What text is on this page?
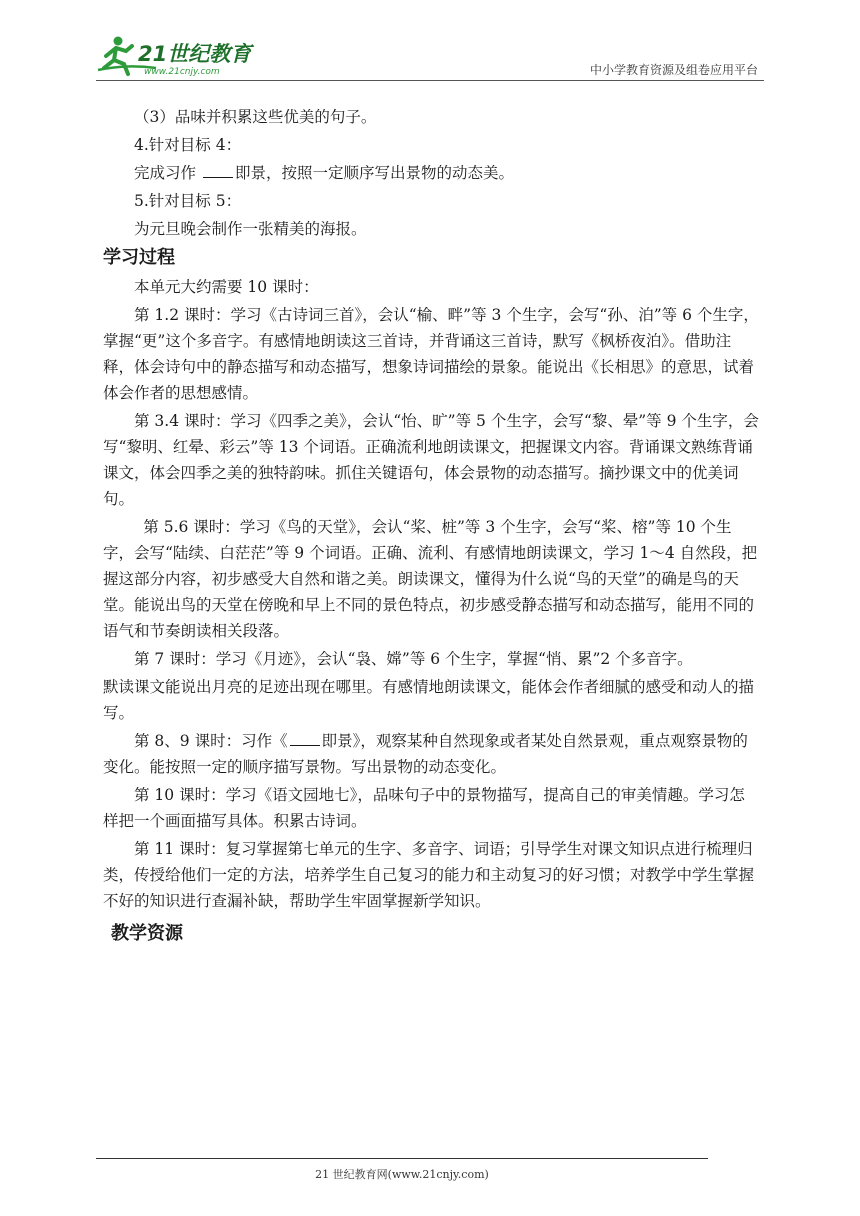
21世纪教育
www.21cnjy.com	中小学教育资源及组卷应用平台

（3）品味并积累这些优美的句子。

4.针对目标 4：

完成习作	即景，按照一定顺序写出景物的动态美。

5.针对目标 5：

为元旦晚会制作一张精美的海报。

学习过程

本单元大约需要 10 课时：

第 1.2 课时：学习《古诗词三首》，会认“榆、畔”等 3 个生字，会写“孙、泊”等 6 个生字，掌握“更”这个多音字。有感情地朗读这三首诗，并背诵这三首诗，默写《枫桥夜泊》。借助注释，体会诗句中的静态描写和动态描写，想象诗词描绘的景象。能说出《长相思》的意思，试着体会作者的思想感情。

第 3.4 课时：学习《四季之美》，会认“怡、旷”等 5 个生字，会写“黎、晕”等 9 个生字，会写“黎明、红晕、彩云”等 13 个词语。正确流利地朗读课文，把握课文内容。背诵课文熟练背诵课文，体会四季之美的独特韵味。抓住关键语句，体会景物的动态描写。摘抄课文中的优美词句。

第 5.6 课时：学习《鸟的天堂》，会认“桨、桩”等 3 个生字，会写“桨、榕”等 10 个生字，会写“陆续、白茫茫”等 9 个词语。正确、流利、有感情地朗读课文，学习 1～4 自然段，把握这部分内容，初步感受大自然和谐之美。朗读课文，懂得为什么说“鸟的天堂”的确是鸟的天堂。能说出鸟的天堂在傍晚和早上不同的景色特点，初步感受静态描写和动态描写，能用不同的语气和节奏朗读相关段落。

第 7 课时：学习《月迹》，会认“袅、嫦”等 6 个生字，掌握“悄、累”2 个多音字。

默读课文能说出月亮的足迹出现在哪里。有感情地朗读课文，能体会作者细腻的感受和动人的描写。

第 8、9 课时：习作《 即景》，观察某种自然现象或者某处自然景观，重点观察景物的变化。能按照一定的顺序描写景物。写出景物的动态变化。

第 10 课时：学习《语文园地七》，品味句子中的景物描写，提高自己的审美情趣。学习怎样把一个画面描写具体。积累古诗词。

第 11 课时：复习掌握第七单元的生字、多音字、词语；引导学生对课文知识点进行梳理归类，传授给他们一定的方法，培养学生自己复习的能力和主动复习的好习惯；对教学中学生掌握不好的知识进行查漏补缺，帮助学生牢固掌握新学知识。

教学资源
21 世纪教育网(www.21cnjy.com)
